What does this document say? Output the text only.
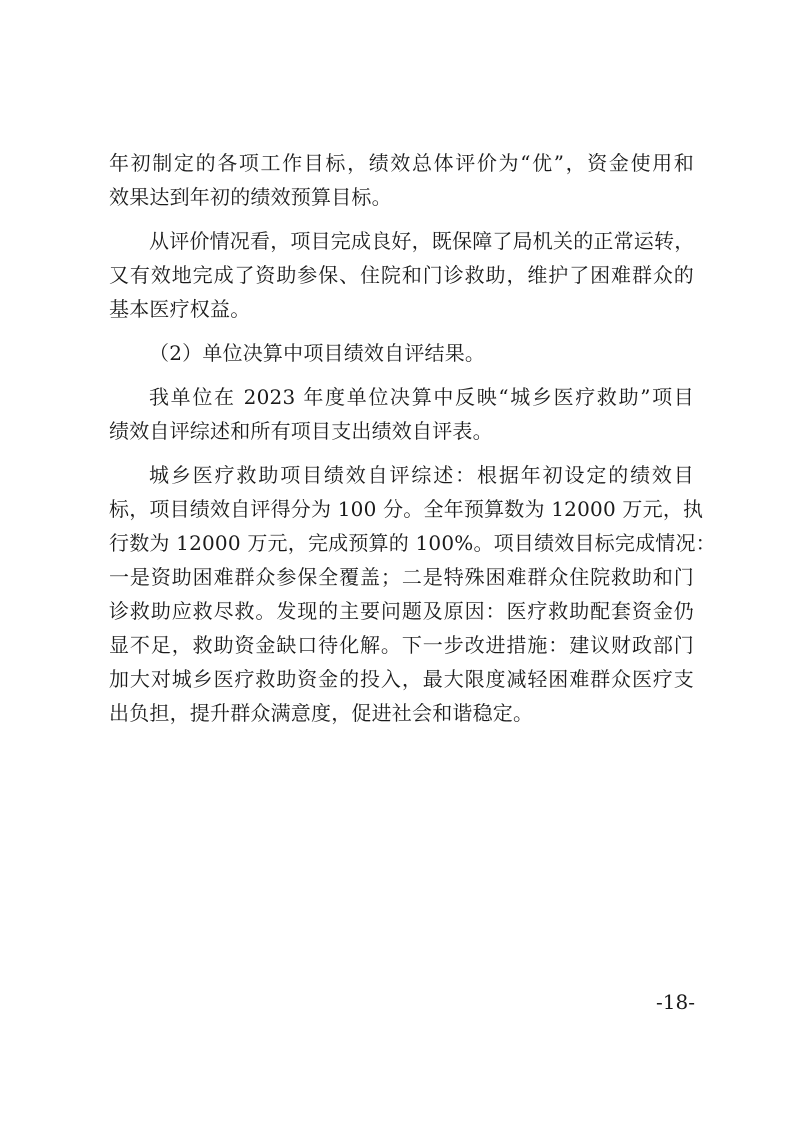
年初制定的各项工作目标，绩效总体评价为“优”，资金使用和
效果达到年初的绩效预算目标。
从评价情况看，项目完成良好，既保障了局机关的正常运转，
又有效地完成了资助参保、住院和门诊救助，维护了困难群众的
基本医疗权益。
（2）单位决算中项目绩效自评结果。
我单位在 2023 年度单位决算中反映“城乡医疗救助”项目
绩效自评综述和所有项目支出绩效自评表。
城乡医疗救助项目绩效自评综述：根据年初设定的绩效目
标，项目绩效自评得分为 100 分。全年预算数为 12000 万元，执
行数为 12000 万元，完成预算的 100%。项目绩效目标完成情况：
一是资助困难群众参保全覆盖；二是特殊困难群众住院救助和门
诊救助应救尽救。发现的主要问题及原因：医疗救助配套资金仍
显不足，救助资金缺口待化解。下一步改进措施：建议财政部门
加大对城乡医疗救助资金的投入，最大限度减轻困难群众医疗支
出负担，提升群众满意度，促进社会和谐稳定。
-18-
